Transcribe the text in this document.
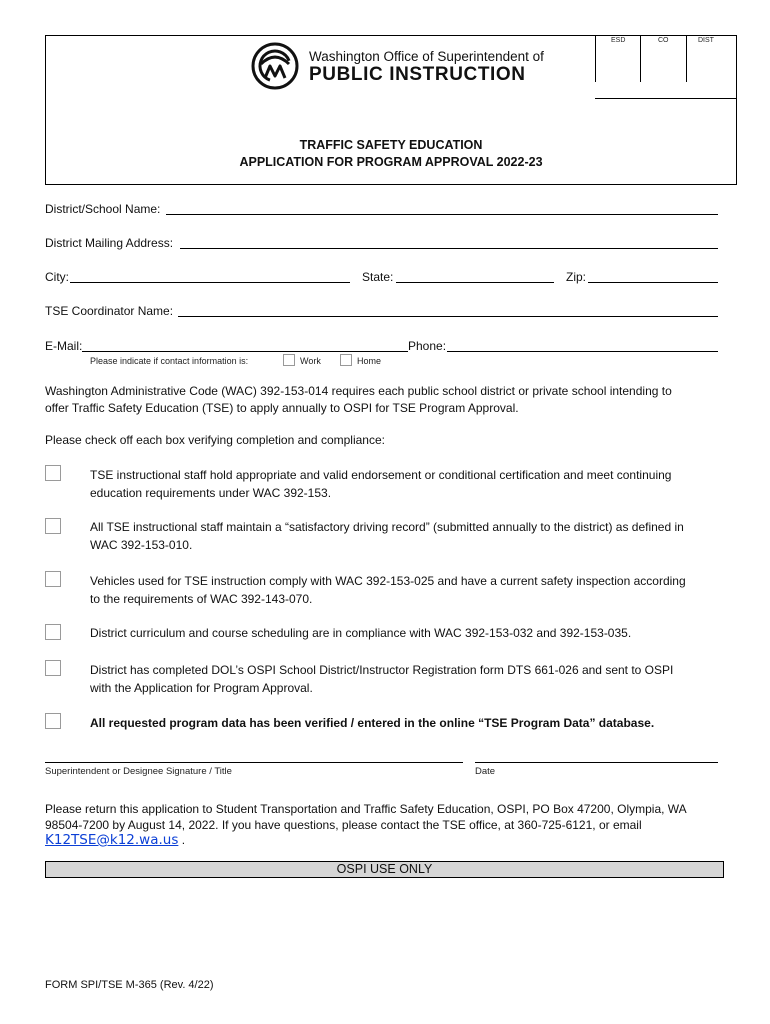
ESD	CO	DIST
Washington Office of Superintendent of
PUBLIC INSTRUCTION
TRAFFIC SAFETY EDUCATION
APPLICATION FOR PROGRAM APPROVAL 2022-23
District/School Name:
District Mailing Address:
City:	State:	Zip:
TSE Coordinator Name:
E-Mail:	Phone:
Please indicate if contact information is:	Work	Home
Washington Administrative Code (WAC) 392-153-014 requires each public school district or private school intending to
offer Traffic Safety Education (TSE) to apply annually to OSPI for TSE Program Approval.
Please check off each box verifying completion and compliance:
TSE instructional staff hold appropriate and valid endorsement or conditional certification and meet continuing
education requirements under WAC 392-153.
All TSE instructional staff maintain a “satisfactory driving record” (submitted annually to the district) as defined in
WAC 392-153-010.
Vehicles used for TSE instruction comply with WAC 392-153-025 and have a current safety inspection according
to the requirements of WAC 392-143-070.
District curriculum and course scheduling are in compliance with WAC 392-153-032 and 392-153-035.
District has completed DOL’s OSPI School District/Instructor Registration form DTS 661-026 and sent to OSPI
with the Application for Program Approval.
All requested program data has been verified / entered in the online “TSE Program Data” database.
Superintendent or Designee Signature / Title	Date
Please return this application to Student Transportation and Traffic Safety Education, OSPI, PO Box 47200, Olympia, WA
98504-7200 by August 14, 2022. If you have questions, please contact the TSE office, at 360-725-6121, or email
K12TSE@k12.wa.us .
OSPI USE ONLY
FORM SPI/TSE M-365 (Rev. 4/22)
